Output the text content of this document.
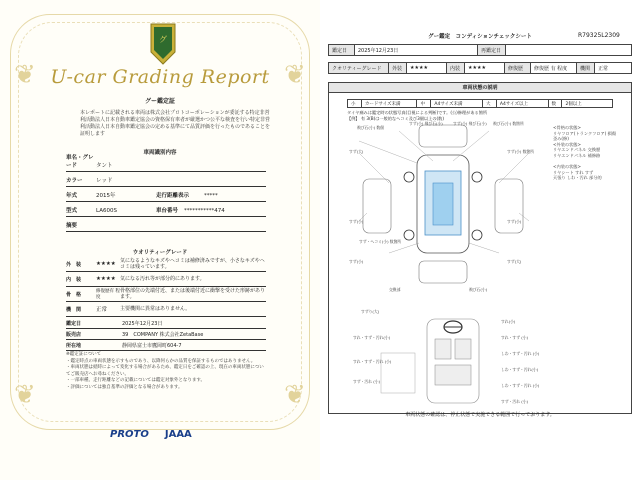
❦	❦
❦	❦
グ
U-car Grading Report
グー鑑定証
本レポートに記載される車両は株式会社プロトコーポレーションが委託する特定非営利活動法人日本自動車鑑定協会の資格保有車者が厳選かつ公平な検査を行い特定非営利活動法人日本自動車鑑定協会の定める基準にて品質評価を行ったものであることを証明します
車両識別内容
車名・グレード	タント
カラー	レッド
年式	2015年	走行距離表示	*****
型式	LA600S	車台番号	***********474
摘要
ウオリティーグレード
外　装	★★★★ 気になるようなキズやヘコミは補修済みですが、小さなキズやヘコミは残っています。
内　装	★★★★ 気になる汚れ等が部分的にあります。
骨　格	修復歴有 程度
骨格部位の先端付近、または後端付近に衝撃を受けた形跡があります。
機　関	正常	主要機関に異常はありません。
鑑定日	2025年12月23日
販売店	39　COMPANY 株式会社ZetaBase
所在地	静岡県富士市鷹岡町604-7
※鑑定証について
・鑑定時点の車両状態を示すものであり、以降何らかの品質を保証するものではありません。
・車両状態は経時によって変化する場合があるため、鑑定日をご確認の上、現在の車両状態についてご販売店へお尋ねください。
・一部車種、走行距離などの記載については鑑定対象外となります。
・評価については独自基準の評価となる場合があります。
PROTO JAAA
グー鑑定　コンディションチェックシート	R79325L2309
鑑定日	2025年12月23日	再鑑定日
クオリティーグレード	外装	★★★★	内装	★★★★	修復歴	修復歴 有 程度	機関	正常
車両状態の説明
小	カードサイズ未満	中	A4サイズ未満	大	A4サイズ以上	数	2個以上
タイヤ痛みは鑑定時の状態写真(目視による判断)です。(公)修理がある箇所
【例】 有 3(B)は一般的なヘコミ及び3個以上の(数)
飛び石(小) 数個
すず(小) 飛び石(小)	すず(小) 飛び石(小) 飛び石(小) 数箇所
すず(大)	すず(小) 数箇所
すず(小)
すず・ヘコミ(小) 数箇所
すず(小)
すず(小)	すず(大)
交換部	飛び石(小)
すずり(大)
すれ(小)
すれ・すず (小)
すれ・すず・汚れ(小)
しわ・すず・汚れ (小)
すれ・すず・汚れ (小)
しわ・すず・汚れ(小)
すず・汚れ (小)
しわ・すず・汚れ (小)
すず・汚れ (小)
<骨格の状態>
リヤフロア(トランクフロア) 損傷
歪み(修)
<外装の状態>
リヤエンドパネル 交換歴
リヤエンドパネル 補修跡

<内装の状態>
リヤシート すれ すず
天張り しわ・汚れ 部分的
車両状態の確認は、停止状態で実施できる範囲で行っております。
